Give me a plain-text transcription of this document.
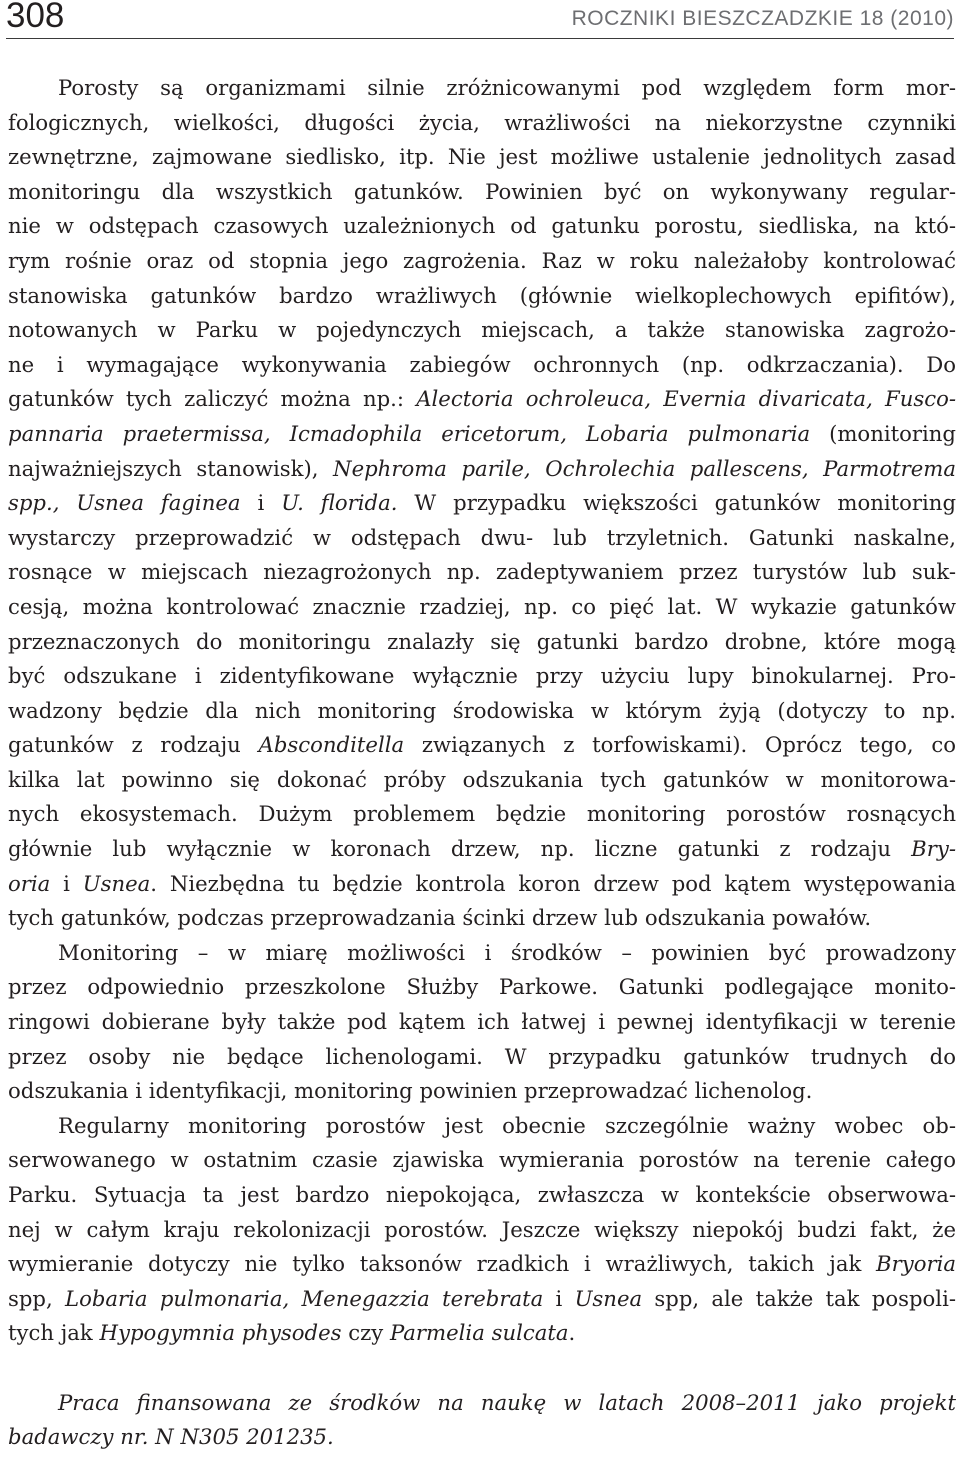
308	ROCZNIKI BIESZCZADZKIE 18 (2010)
Porosty są organizmami silnie zróżnicowanymi pod względem form mor-
fologicznych, wielkości, długości życia, wrażliwości na niekorzystne czynniki
zewnętrzne, zajmowane siedlisko, itp. Nie jest możliwe ustalenie jednolitych zasad
monitoringu dla wszystkich gatunków. Powinien być on wykonywany regular-
nie w odstępach czasowych uzależnionych od gatunku porostu, siedliska, na któ-
rym rośnie oraz od stopnia jego zagrożenia. Raz w roku należałoby kontrolować
stanowiska gatunków bardzo wrażliwych (głównie wielkoplechowych epifitów),
notowanych w Parku w pojedynczych miejscach, a także stanowiska zagrożo-
ne i wymagające wykonywania zabiegów ochronnych (np. odkrzaczania). Do
gatunków tych zaliczyć można np.: Alectoria ochroleuca, Evernia divaricata, Fusco-
pannaria praetermissa, Icmadophila ericetorum, Lobaria pulmonaria (monitoring
najważniejszych stanowisk), Nephroma parile, Ochrolechia pallescens, Parmotrema
spp., Usnea faginea i U. florida. W przypadku większości gatunków monitoring
wystarczy przeprowadzić w odstępach dwu- lub trzyletnich. Gatunki naskalne,
rosnące w miejscach niezagrożonych np. zadeptywaniem przez turystów lub suk-
cesją, można kontrolować znacznie rzadziej, np. co pięć lat. W wykazie gatunków
przeznaczonych do monitoringu znalazły się gatunki bardzo drobne, które mogą
być odszukane i zidentyfikowane wyłącznie przy użyciu lupy binokularnej. Pro-
wadzony będzie dla nich monitoring środowiska w którym żyją (dotyczy to np.
gatunków z rodzaju Absconditella związanych z torfowiskami). Oprócz tego, co
kilka lat powinno się dokonać próby odszukania tych gatunków w monitorowa-
nych ekosystemach. Dużym problemem będzie monitoring porostów rosnących
głównie lub wyłącznie w koronach drzew, np. liczne gatunki z rodzaju Bry-
oria i Usnea. Niezbędna tu będzie kontrola koron drzew pod kątem występowania
tych gatunków, podczas przeprowadzania ścinki drzew lub odszukania powałów.
Monitoring – w miarę możliwości i środków – powinien być prowadzony
przez odpowiednio przeszkolone Służby Parkowe. Gatunki podlegające monito-
ringowi dobierane były także pod kątem ich łatwej i pewnej identyfikacji w terenie
przez osoby nie będące lichenologami. W przypadku gatunków trudnych do
odszukania i identyfikacji, monitoring powinien przeprowadzać lichenolog.
Regularny monitoring porostów jest obecnie szczególnie ważny wobec ob-
serwowanego w ostatnim czasie zjawiska wymierania porostów na terenie całego
Parku. Sytuacja ta jest bardzo niepokojąca, zwłaszcza w kontekście obserwowa-
nej w całym kraju rekolonizacji porostów. Jeszcze większy niepokój budzi fakt, że
wymieranie dotyczy nie tylko taksonów rzadkich i wrażliwych, takich jak Bryoria
spp, Lobaria pulmonaria, Menegazzia terebrata i Usnea spp, ale także tak pospoli-
tych jak Hypogymnia physodes czy Parmelia sulcata.
Praca finansowana ze środków na naukę w latach 2008–2011 jako projekt
badawczy nr. N N305 201235.
